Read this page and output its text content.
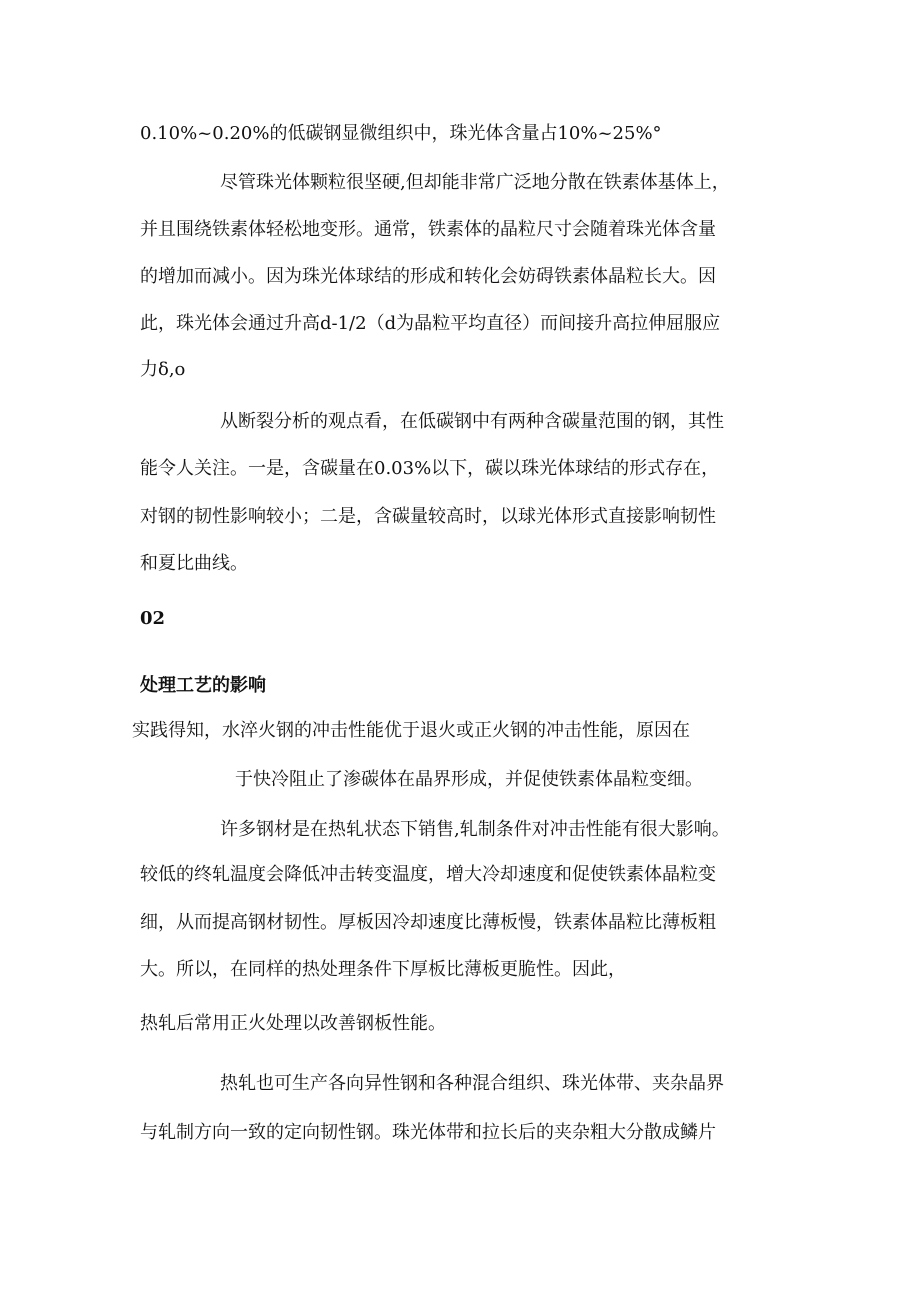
0.10%~0.20%的低碳钢显微组织中，珠光体含量占10%~25%°
尽管珠光体颗粒很坚硬,但却能非常广泛地分散在铁素体基体上，
并且围绕铁素体轻松地变形。通常，铁素体的晶粒尺寸会随着珠光体含量
的增加而减小。因为珠光体球结的形成和转化会妨碍铁素体晶粒长大。因
此，珠光体会通过升高d-1/2（d为晶粒平均直径）而间接升高拉伸屈服应
力δ,o
从断裂分析的观点看，在低碳钢中有两种含碳量范围的钢，其性
能令人关注。一是，含碳量在0.03%以下，碳以珠光体球结的形式存在，
对钢的韧性影响较小；二是，含碳量较高时，以球光体形式直接影响韧性
和夏比曲线。
02
处理工艺的影响
实践得知，水淬火钢的冲击性能优于退火或正火钢的冲击性能，原因在
于快冷阻止了渗碳体在晶界形成，并促使铁素体晶粒变细。
许多钢材是在热轧状态下销售,轧制条件对冲击性能有很大影响。
较低的终轧温度会降低冲击转变温度，增大冷却速度和促使铁素体晶粒变
细，从而提高钢材韧性。厚板因冷却速度比薄板慢，铁素体晶粒比薄板粗
大。所以，在同样的热处理条件下厚板比薄板更脆性。因此，
热轧后常用正火处理以改善钢板性能。
热轧也可生产各向异性钢和各种混合组织、珠光体带、夹杂晶界
与轧制方向一致的定向韧性钢。珠光体带和拉长后的夹杂粗大分散成鳞片
